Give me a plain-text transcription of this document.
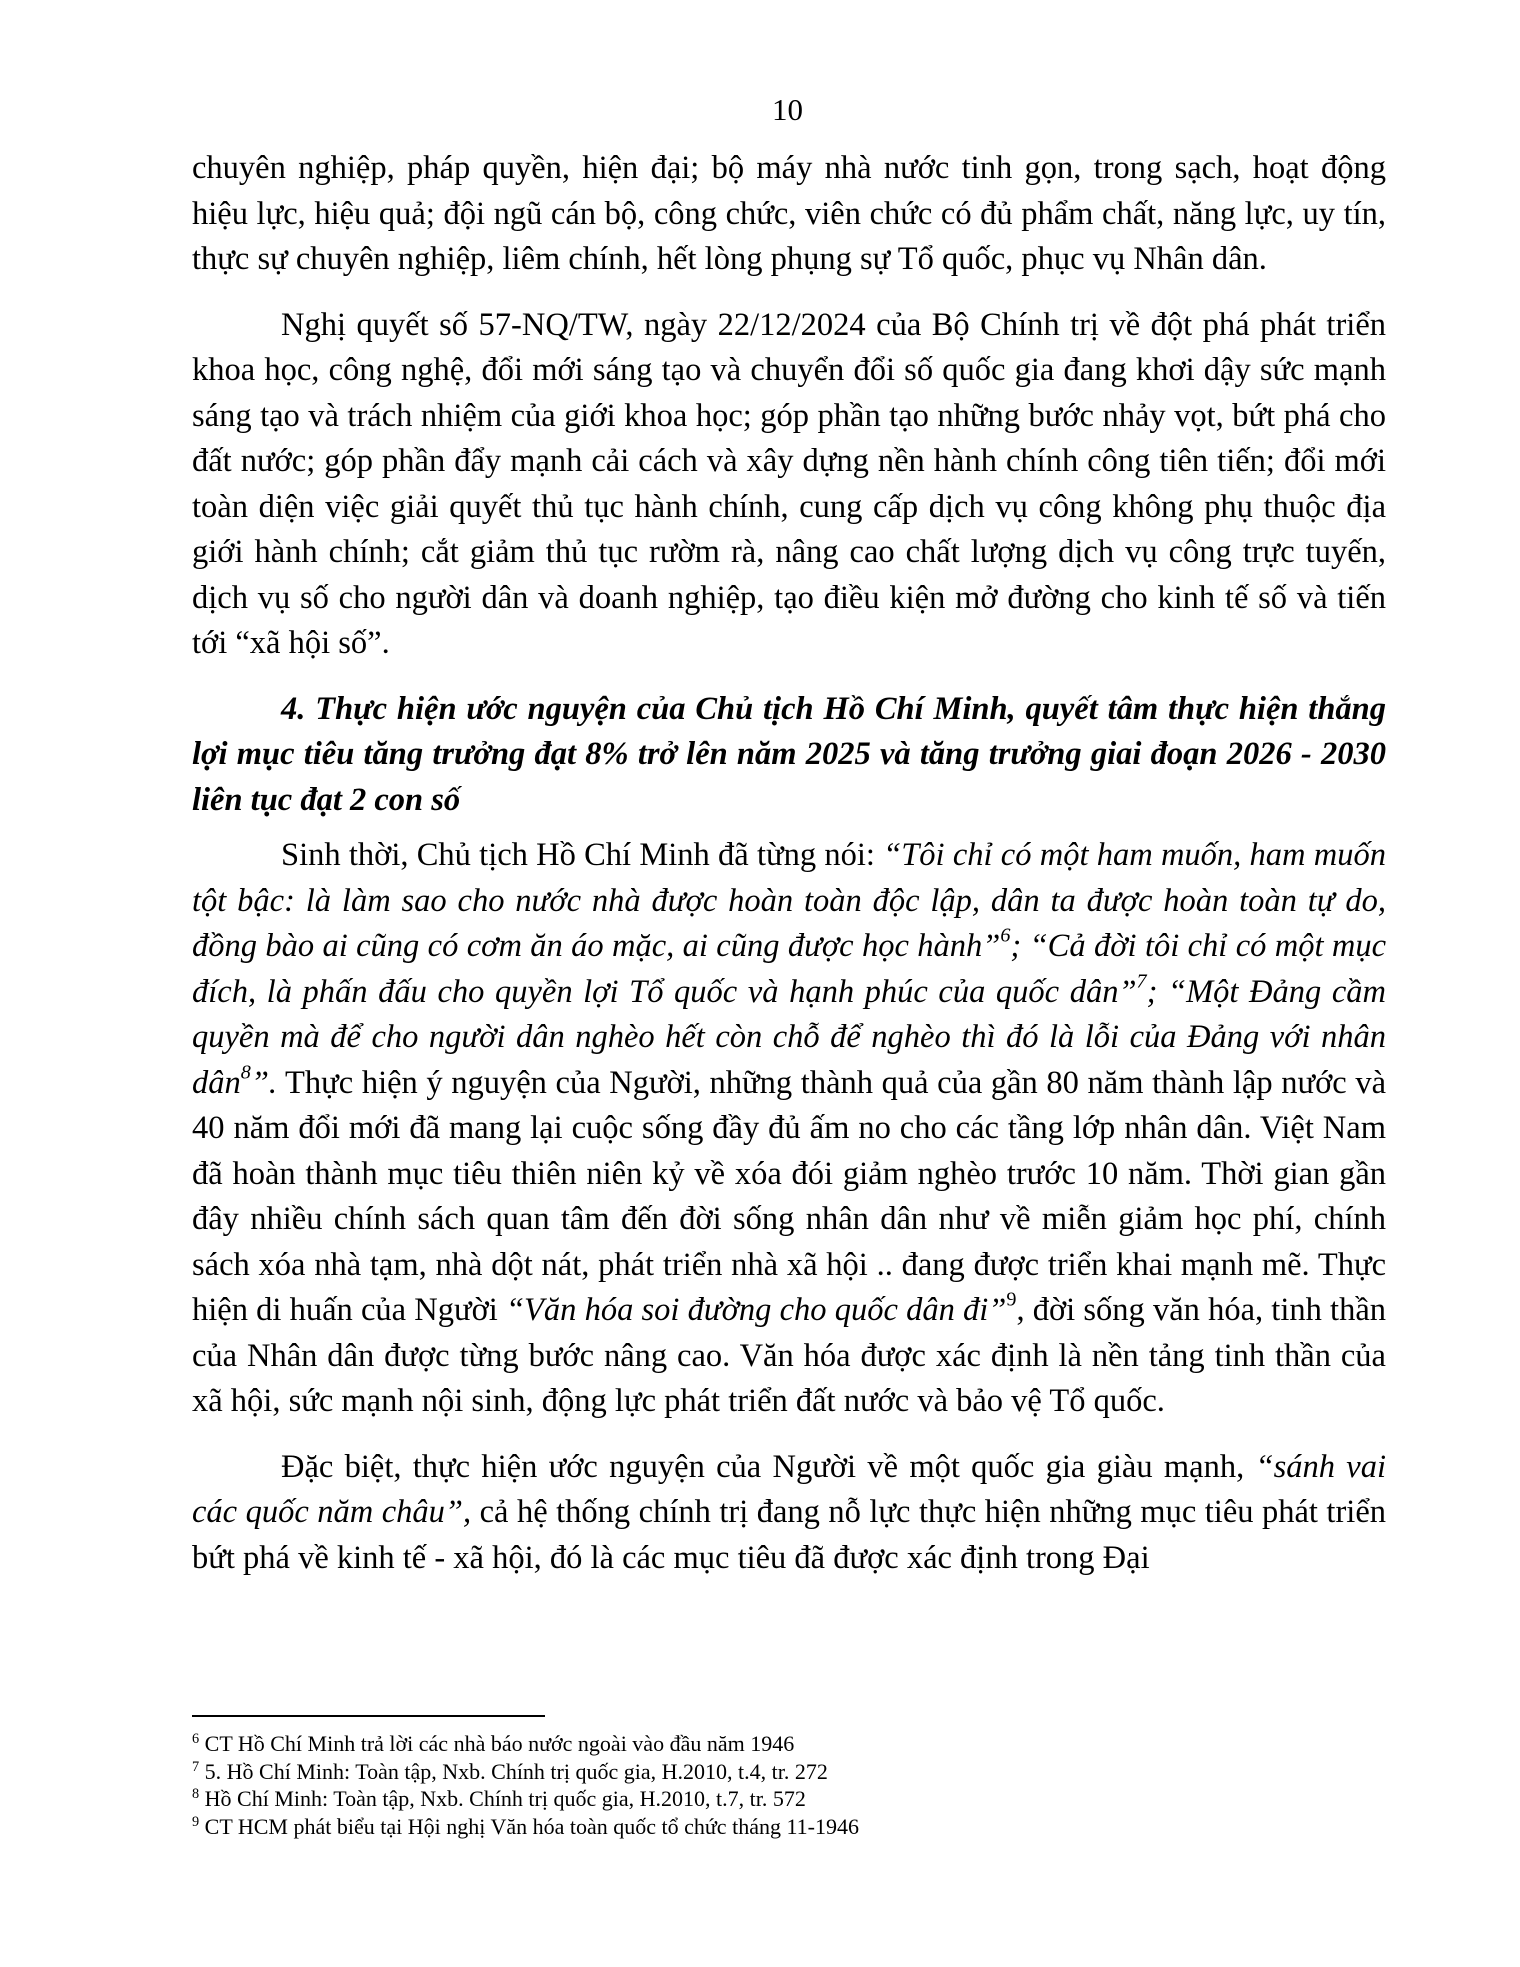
10

chuyên nghiệp, pháp quyền, hiện đại; bộ máy nhà nước tinh gọn, trong sạch, hoạt động hiệu lực, hiệu quả; đội ngũ cán bộ, công chức, viên chức có đủ phẩm chất, năng lực, uy tín, thực sự chuyên nghiệp, liêm chính, hết lòng phụng sự Tổ quốc, phục vụ Nhân dân.

Nghị quyết số 57-NQ/TW, ngày 22/12/2024 của Bộ Chính trị về đột phá phát triển khoa học, công nghệ, đổi mới sáng tạo và chuyển đổi số quốc gia đang khơi dậy sức mạnh sáng tạo và trách nhiệm của giới khoa học; góp phần tạo những bước nhảy vọt, bứt phá cho đất nước; góp phần đẩy mạnh cải cách và xây dựng nền hành chính công tiên tiến; đổi mới toàn diện việc giải quyết thủ tục hành chính, cung cấp dịch vụ công không phụ thuộc địa giới hành chính; cắt giảm thủ tục rườm rà, nâng cao chất lượng dịch vụ công trực tuyến, dịch vụ số cho người dân và doanh nghiệp, tạo điều kiện mở đường cho kinh tế số và tiến tới “xã hội số”.

4. Thực hiện ước nguyện của Chủ tịch Hồ Chí Minh, quyết tâm thực hiện thắng lợi mục tiêu tăng trưởng đạt 8% trở lên năm 2025 và tăng trưởng giai đoạn 2026 - 2030 liên tục đạt 2 con số

Sinh thời, Chủ tịch Hồ Chí Minh đã từng nói: “Tôi chỉ có một ham muốn, ham muốn tột bậc: là làm sao cho nước nhà được hoàn toàn độc lập, dân ta được hoàn toàn tự do, đồng bào ai cũng có cơm ăn áo mặc, ai cũng được học hành”$^6$; “Cả đời tôi chỉ có một mục đích, là phấn đấu cho quyền lợi Tổ quốc và hạnh phúc của quốc dân”$^7$; “Một Đảng cầm quyền mà để cho người dân nghèo hết còn chỗ để nghèo thì đó là lỗi của Đảng với nhân dân$^8$”. Thực hiện ý nguyện của Người, những thành quả của gần 80 năm thành lập nước và 40 năm đổi mới đã mang lại cuộc sống đầy đủ ấm no cho các tầng lớp nhân dân. Việt Nam đã hoàn thành mục tiêu thiên niên kỷ về xóa đói giảm nghèo trước 10 năm. Thời gian gần đây nhiều chính sách quan tâm đến đời sống nhân dân như về miễn giảm học phí, chính sách xóa nhà tạm, nhà dột nát, phát triển nhà xã hội .. đang được triển khai mạnh mẽ. Thực hiện di huấn của Người “Văn hóa soi đường cho quốc dân đi”$^9$, đời sống văn hóa, tinh thần của Nhân dân được từng bước nâng cao. Văn hóa được xác định là nền tảng tinh thần của xã hội, sức mạnh nội sinh, động lực phát triển đất nước và bảo vệ Tổ quốc.

Đặc biệt, thực hiện ước nguyện của Người về một quốc gia giàu mạnh, “sánh vai các quốc năm châu”, cả hệ thống chính trị đang nỗ lực thực hiện những mục tiêu phát triển bứt phá về kinh tế - xã hội, đó là các mục tiêu đã được xác định trong Đại

$^6$ CT Hồ Chí Minh trả lời các nhà báo nước ngoài vào đầu năm 1946

$^7$ 5. Hồ Chí Minh: Toàn tập, Nxb. Chính trị quốc gia, H.2010, t.4, tr. 272

$^8$ Hồ Chí Minh: Toàn tập, Nxb. Chính trị quốc gia, H.2010, t.7, tr. 572

$^9$ CT HCM phát biểu tại Hội nghị Văn hóa toàn quốc tổ chức tháng 11-1946
